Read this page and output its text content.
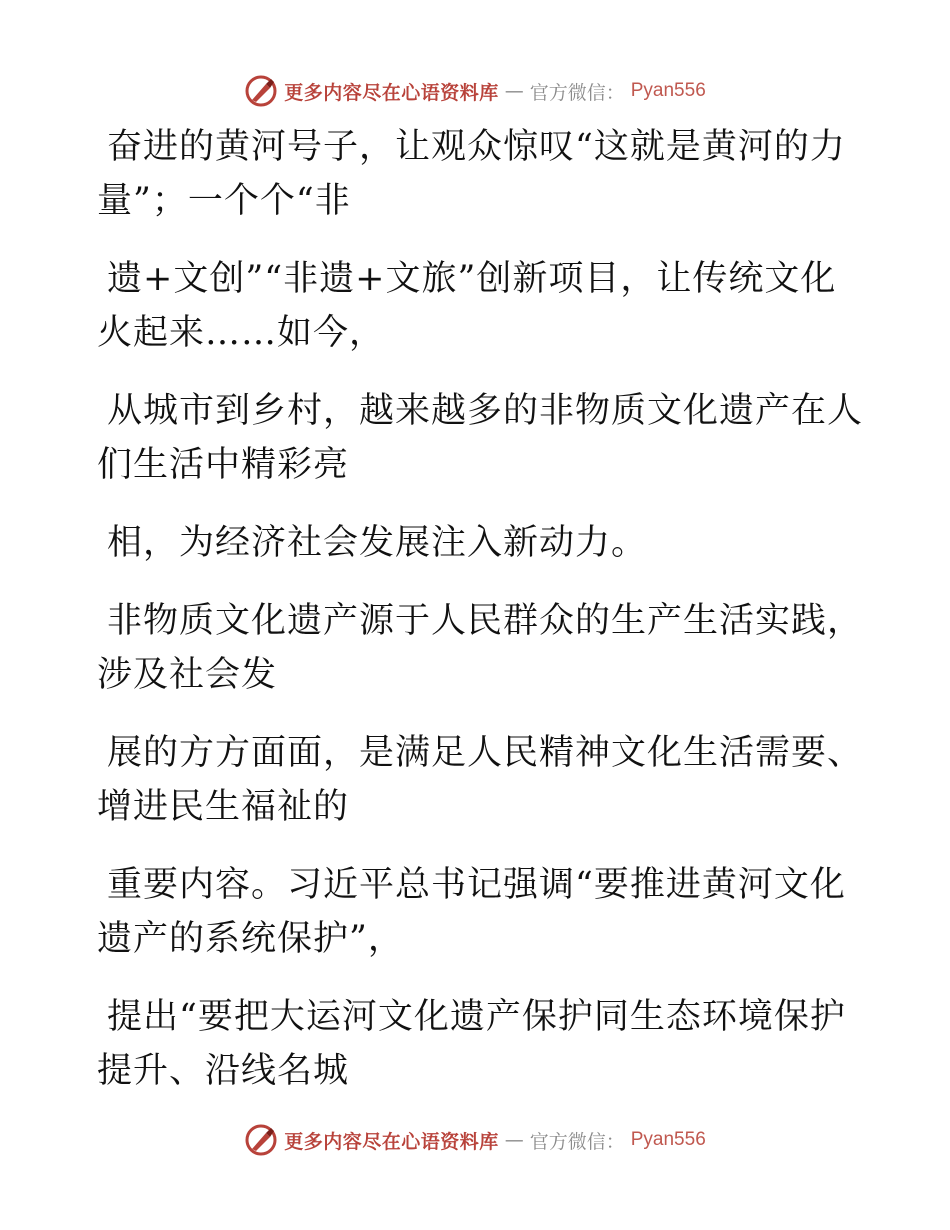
更多内容尽在心语资料库 — 官方微信： Pyan556

奋进的黄河号子，让观众惊叹“这就是黄河的力
量”；一个个“非

遗+文创”“非遗+文旅”创新项目，让传统文化
火起来……如今，

从城市到乡村，越来越多的非物质文化遗产在人
们生活中精彩亮

相，为经济社会发展注入新动力。

非物质文化遗产源于人民群众的生产生活实践，
涉及社会发

展的方方面面，是满足人民精神文化生活需要、
增进民生福祉的

重要内容。习近平总书记强调“要推进黄河文化
遗产的系统保护”，

提出“要把大运河文化遗产保护同生态环境保护
提升、沿线名城

更多内容尽在心语资料库 — 官方微信： Pyan556
